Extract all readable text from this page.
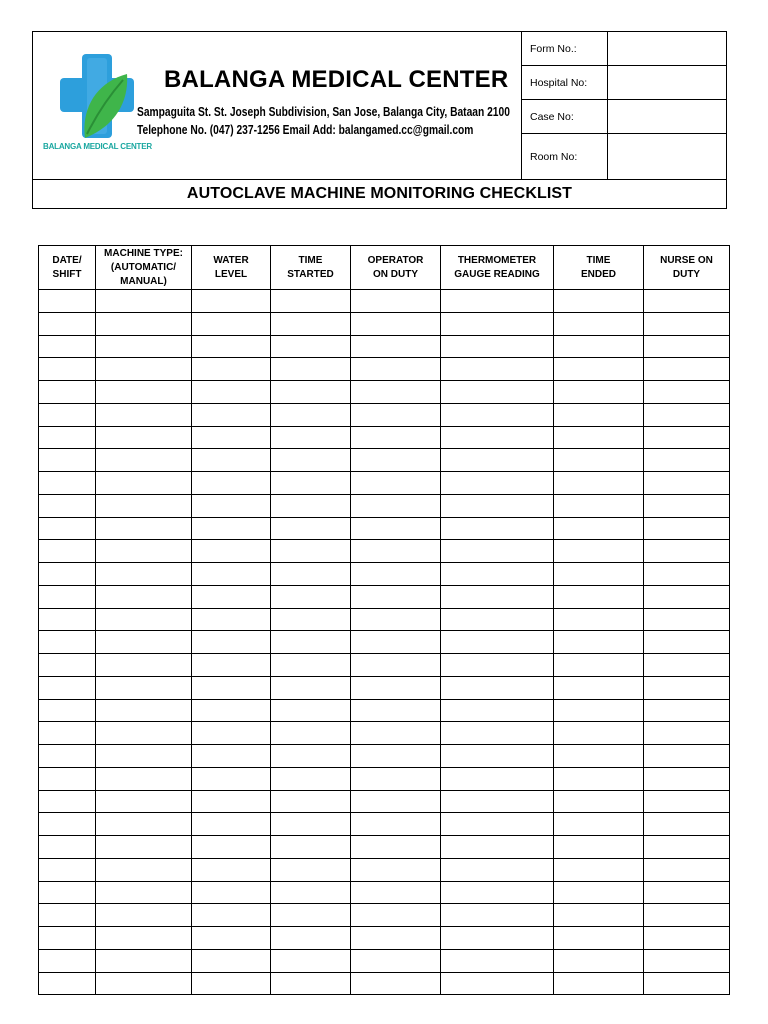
BALANGA MEDICAL CENTER
BALANGA MEDICAL CENTER
Sampaguita St. St. Joseph Subdivision, San Jose, Balanga City, Bataan 2100
Telephone No. (047) 237-1256 Email Add: balangamed.cc@gmail.com
Form No.:
Hospital No:
Case No:
Room No:
AUTOCLAVE MACHINE MONITORING CHECKLIST
DATE/
SHIFT	MACHINE TYPE:
(AUTOMATIC/
MANUAL)	WATER
LEVEL	TIME
STARTED	OPERATOR
ON DUTY	THERMOMETER
GAUGE READING	TIME
ENDED	NURSE ON
DUTY
